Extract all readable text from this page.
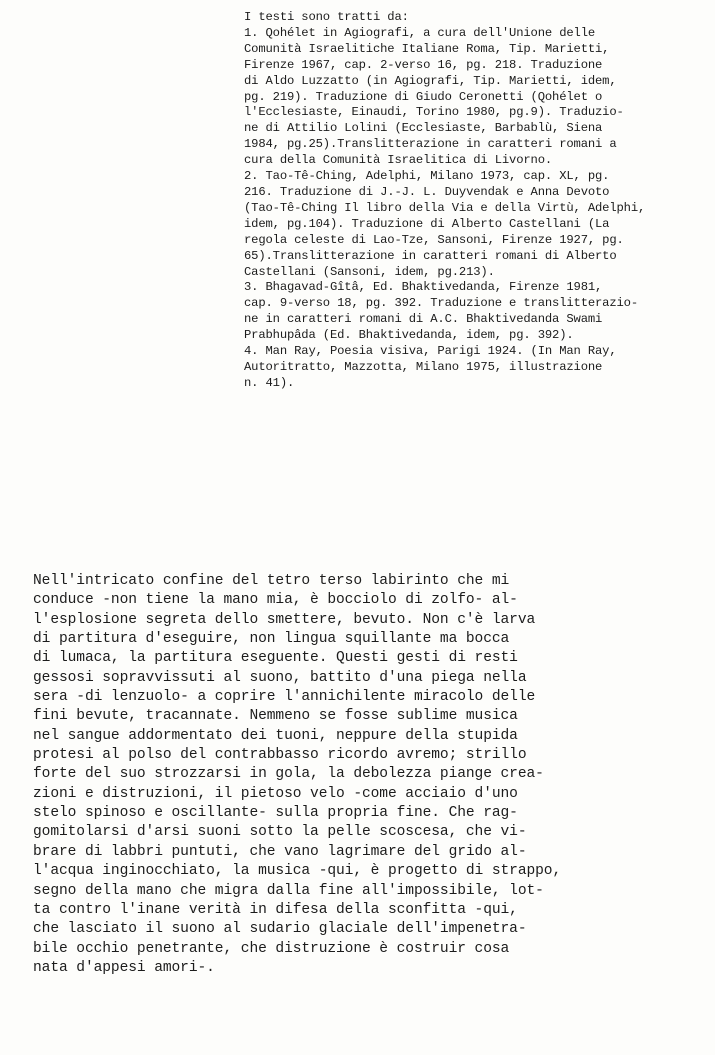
I testi sono tratti da:
1. Qohélet in Agiografi, a cura dell'Unione delle
Comunità Israelitiche Italiane Roma, Tip. Marietti,
Firenze 1967, cap. 2-verso 16, pg. 218. Traduzione
di Aldo Luzzatto (in Agiografi, Tip. Marietti, idem,
pg. 219). Traduzione di Giudo Ceronetti (Qohélet o
l'Ecclesiaste, Einaudi, Torino 1980, pg.9). Traduzio-
ne di Attilio Lolini (Ecclesiaste, Barbablù, Siena
1984, pg.25).Translitterazione in caratteri romani a
cura della Comunità Israelitica di Livorno.
2. Tao-Tê-Ching, Adelphi, Milano 1973, cap. XL, pg.
216. Traduzione di J.-J. L. Duyvendak e Anna Devoto
(Tao-Tê-Ching Il libro della Via e della Virtù, Adelphi,
idem, pg.104). Traduzione di Alberto Castellani (La
regola celeste di Lao-Tze, Sansoni, Firenze 1927, pg.
65).Translitterazione in caratteri romani di Alberto
Castellani (Sansoni, idem, pg.213).
3. Bhagavad-Gîtâ, Ed. Bhaktivedanda, Firenze 1981,
cap. 9-verso 18, pg. 392. Traduzione e translitterazio-
ne in caratteri romani di A.C. Bhaktivedanda Swami
Prabhupâda (Ed. Bhaktivedanda, idem, pg. 392).
4. Man Ray, Poesia visiva, Parigi 1924. (In Man Ray,
Autoritratto, Mazzotta, Milano 1975, illustrazione
n. 41).
Nell'intricato confine del tetro terso labirinto che mi
conduce -non tiene la mano mia, è bocciolo di zolfo- al-
l'esplosione segreta dello smettere, bevuto. Non c'è larva
di partitura d'eseguire, non lingua squillante ma bocca
di lumaca, la partitura eseguente. Questi gesti di resti
gessosi sopravvissuti al suono, battito d'una piega nella
sera -di lenzuolo- a coprire l'annichilente miracolo delle
fini bevute, tracannate. Nemmeno se fosse sublime musica
nel sangue addormentato dei tuoni, neppure della stupida
protesi al polso del contrabbasso ricordo avremo; strillo
forte del suo strozzarsi in gola, la debolezza piange crea-
zioni e distruzioni, il pietoso velo -come acciaio d'uno
stelo spinoso e oscillante- sulla propria fine. Che rag-
gomitolarsi d'arsi suoni sotto la pelle scoscesa, che vi-
brare di labbri puntuti, che vano lagrimare del grido al-
l'acqua inginocchiato, la musica -qui, è progetto di strappo,
segno della mano che migra dalla fine all'impossibile, lot-
ta contro l'inane verità in difesa della sconfitta -qui,
che lasciato il suono al sudario glaciale dell'impenetra-
bile occhio penetrante, che distruzione è costruir cosa
nata d'appesi amori-.
